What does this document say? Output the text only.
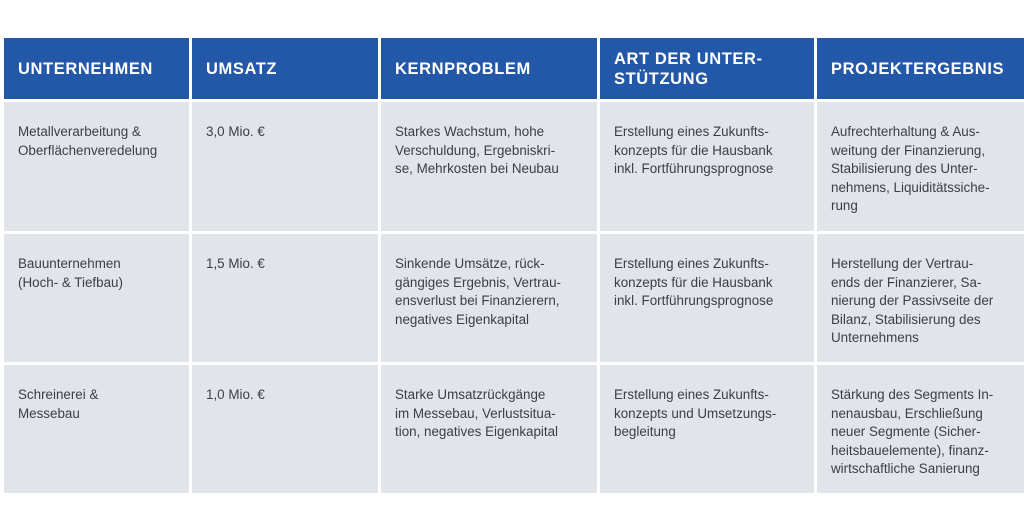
UNTERNEHMEN	UMSATZ	KERNPROBLEM	ART DER UNTER-
STÜTZUNG	PROJEKTERGEBNIS

Metallverarbeitung &
Oberflächenveredelung	3,0 Mio. €	Starkes Wachstum, hohe
Verschuldung, Ergebniskri-
se, Mehrkosten bei Neubau	Erstellung eines Zukunfts-
konzepts für die Hausbank
inkl. Fortführungsprognose	Aufrechterhaltung & Aus-
weitung der Finanzierung,
Stabilisierung des Unter-
nehmens, Liquiditätssiche-
rung

Bauunternehmen
(Hoch- & Tiefbau)	1,5 Mio. €	Sinkende Umsätze, rück-
gängiges Ergebnis, Vertrau-
ensverlust bei Finanzierern,
negatives Eigenkapital	Erstellung eines Zukunfts-
konzepts für die Hausbank
inkl. Fortführungsprognose	Herstellung der Vertrau-
ends der Finanzierer, Sa-
nierung der Passivseite der
Bilanz, Stabilisierung des
Unternehmens

Schreinerei &
Messebau	1,0 Mio. €	Starke Umsatzrückgänge
im Messebau, Verlustsitua-
tion, negatives Eigenkapital	Erstellung eines Zukunfts-
konzepts und Umsetzungs-
begleitung	Stärkung des Segments In-
nenausbau, Erschließung
neuer Segmente (Sicher-
heitsbauelemente), finanz-
wirtschaftliche Sanierung
